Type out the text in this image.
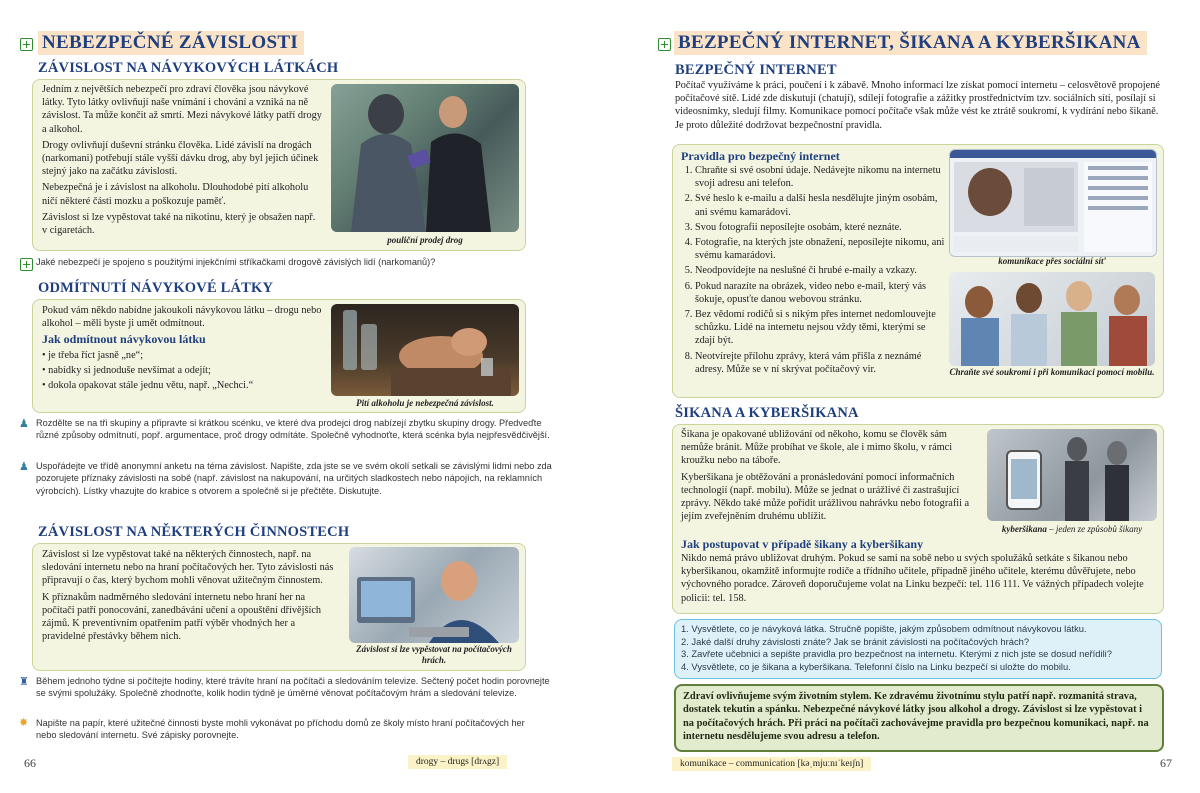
NEBEZPEČNÉ ZÁVISLOSTI
ZÁVISLOST NA NÁVYKOVÝCH LÁTKÁCH

Jedním z největších nebezpečí pro zdraví člověka jsou návykové látky. Tyto látky ovlivňují naše vnímání i chování a vzniká na ně závislost. Ta může končit až smrtí. Mezi návykové látky patří drogy a alkohol.

Drogy ovlivňují duševní stránku člověka. Lidé závislí na drogách (narkomani) potřebují stále vyšší dávku drog, aby byl jejich účinek stejný jako na začátku závislosti.

Nebezpečná je i závislost na alkoholu. Dlouhodobé pití alkoholu ničí některé části mozku a poškozuje paměť.

Závislost si lze vypěstovat také na nikotinu, který je obsažen např. v cigaretách.

pouliční prodej drog
Jaké nebezpečí je spojeno s použitými injekčními stříkačkami drogově závislých lidí (narkomanů)?
ODMÍTNUTÍ NÁVYKOVÉ LÁTKY

Pokud vám někdo nabídne jakoukoli návykovou látku – drogu nebo alkohol – měli byste ji umět odmítnout.

Jak odmítnout návykovou látku
• je třeba říct jasně „ne“;
• nabídky si jednoduše nevšímat a odejít;
• dokola opakovat stále jednu větu, např. „Nechci.“
Pití alkoholu je nebezpečná závislost.
♟ Rozdělte se na tři skupiny a připravte si krátkou scénku, ve které dva prodejci drog nabízejí zbytku skupiny drogy. Předveďte různé způsoby odmítnutí, popř. argumentace, proč drogy odmítáte. Společně vyhodnoťte, která scénka byla nejpřesvědčivější.
♟ Uspořádejte ve třídě anonymní anketu na téma závislost. Napište, zda jste se ve svém okolí setkali se závislými lidmi nebo zda pozorujete příznaky závislosti na sobě (např. závislost na nakupování, na určitých sladkostech nebo nápojích, na reklamních výrobcích). Lístky vhazujte do krabice s otvorem a společně si je přečtěte. Diskutujte.
ZÁVISLOST NA NĚKTERÝCH ČINNOSTECH

Závislost si lze vypěstovat také na některých činnostech, např. na sledování internetu nebo na hraní počítačových her. Tyto závislosti nás připravují o čas, který bychom mohli věnovat užitečným činnostem.

K příznakům nadměrného sledování internetu nebo hraní her na počítači patří ponocování, zanedbávání učení a opouštění dřívějších zájmů. K preventivním opatřením patří výběr vhodných her a pravidelné přestávky během nich.

Závislost si lze vypěstovat na počítačových hrách.
♜ Během jednoho týdne si počítejte hodiny, které trávíte hraní na počítači a sledováním televize. Sečtený počet hodin porovnejte se svými spolužáky. Společně zhodnoťte, kolik hodin týdně je úměrné věnovat počítačovým hrám a sledování televize.
✸ Napište na papír, které užitečné činnosti byste mohli vykonávat po příchodu domů ze školy místo hraní počítačových her nebo sledování internetu. Své zápisky porovnejte.
66	drogy – drugs [drʌgz]
BEZPEČNÝ INTERNET, ŠIKANA A KYBERŠIKANA
BEZPEČNÝ INTERNET
Počítač využíváme k práci, poučení i k zábavě. Mnoho informací lze získat pomocí internetu – celosvětově propojené počítačové sítě. Lidé zde diskutují (chatují), sdílejí fotografie a zážitky prostřednictvím tzv. sociálních sítí, posílají si videosnímky, sledují filmy. Komunikace pomocí počítače však může vést ke ztrátě soukromí, k vydírání nebo šikaně. Je proto důležité dodržovat bezpečnostní pravidla.
Pravidla pro bezpečný internet
1. Chraňte si své osobní údaje. Nedávejte nikomu na internetu svoji adresu ani telefon.
2. Své heslo k e-mailu a další hesla nesdělujte jiným osobám, ani svému kamarádovi.
3. Svou fotografii neposílejte osobám, které neznáte.
4. Fotografie, na kterých jste obnažení, neposílejte nikomu, ani svému kamarádovi.
5. Neodpovídejte na neslušné či hrubé e-maily a vzkazy.
6. Pokud narazíte na obrázek, video nebo e-mail, který vás šokuje, opusťte danou webovou stránku.
7. Bez vědomí rodičů si s nikým přes internet nedomlouvejte schůzku. Lidé na internetu nejsou vždy těmi, kterými se zdají být.
8. Neotvírejte přílohu zprávy, která vám přišla z neznámé adresy. Může se v ní skrývat počítačový vir.
komunikace přes sociální síť
Chraňte své soukromí i při komunikaci pomocí mobilu.
ŠIKANA A KYBERŠIKANA

Šikana je opakované ubližování od někoho, komu se člověk sám nemůže bránit. Může probíhat ve škole, ale i mimo školu, v rámci kroužku nebo na táboře.

Kyberšikana je obtěžování a pronásledování pomocí informačních technologií (např. mobilu). Může se jednat o urážlivé či zastrašující zprávy. Někdo také může pořídit urážlivou nahrávku nebo fotografii a jejím zveřejněním druhému ublížit.

kyberšikana – jeden ze způsobů šikany
Jak postupovat v případě šikany a kyberšikany
Nikdo nemá právo ubližovat druhým. Pokud se sami na sobě nebo u svých spolužáků setkáte s šikanou nebo kyberšikanou, okamžitě informujte rodiče a třídního učitele, případně jiného učitele, kterému důvěřujete, nebo výchovného poradce. Zároveň doporučujeme volat na Linku bezpečí: tel. 116 111. Ve vážných případech volejte policii: tel. 158.
1. Vysvětlete, co je návyková látka. Stručně popište, jakým způsobem odmítnout návykovou látku.
2. Jaké další druhy závislosti znáte? Jak se bránit závislosti na počítačových hrách?
3. Zavřete učebnici a sepište pravidla pro bezpečnost na internetu. Kterými z nich jste se dosud neřídili?
4. Vysvětlete, co je šikana a kyberšikana. Telefonní číslo na Linku bezpečí si uložte do mobilu.
Zdraví ovlivňujeme svým životním stylem. Ke zdravému životnímu stylu patří např. rozmanitá strava, dostatek tekutin a spánku. Nebezpečné návykové látky jsou alkohol a drogy. Závislost si lze vypěstovat i na počítačových hrách. Při práci na počítači zachovávejme pravidla pro bezpečnou komunikaci, např. na internetu nesdělujeme svou adresu a telefon.
komunikace – communication [kəˌmjuːnɪˈkeɪʃn]	67
